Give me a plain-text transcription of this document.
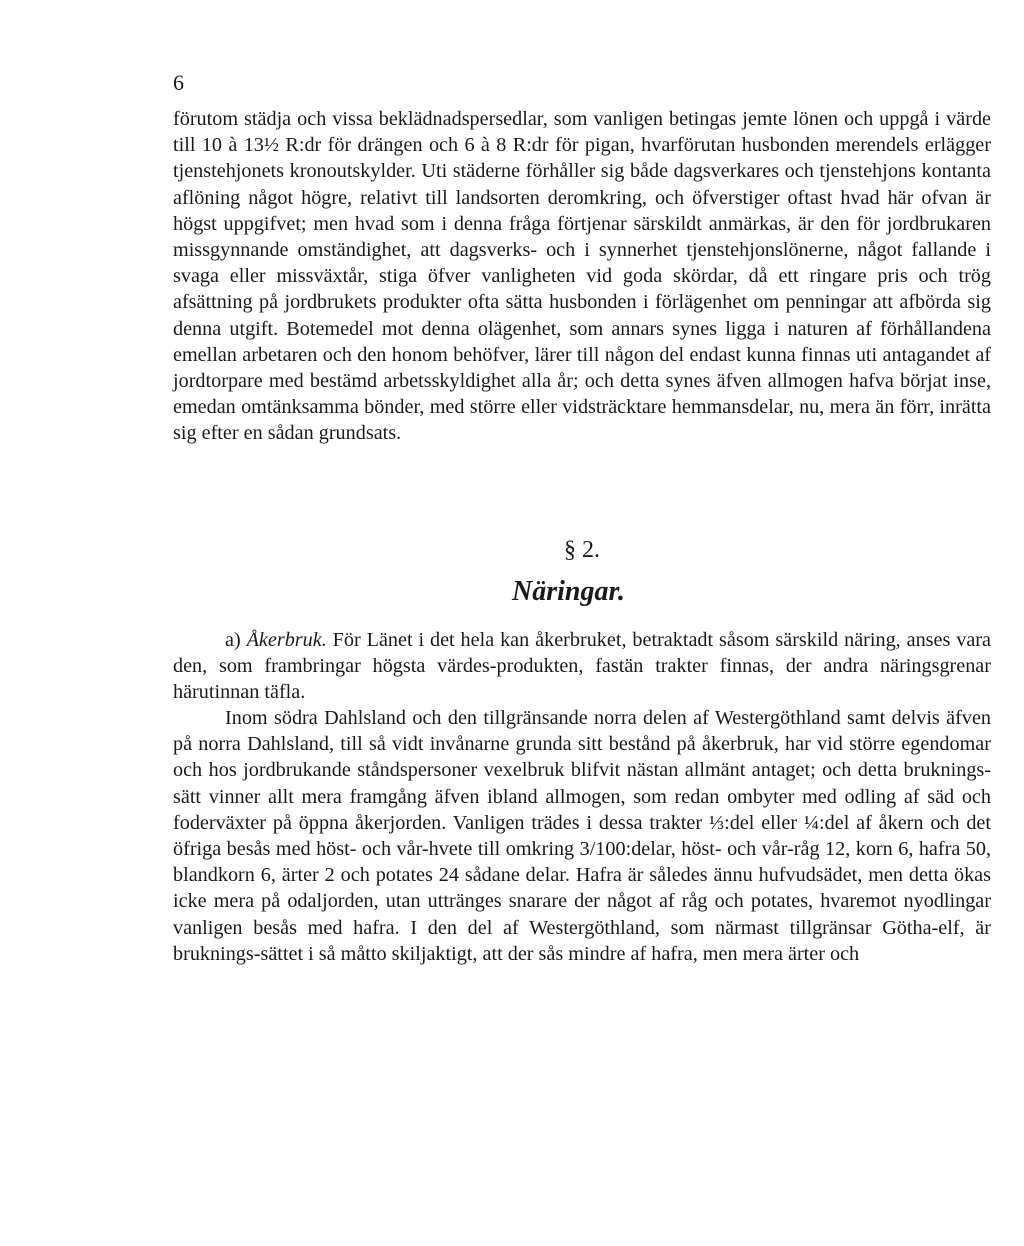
6

förutom städja och vissa beklädnadspersedlar, som vanligen betingas jemte lönen och uppgå i värde till 10 à 13½ R:dr för drängen och 6 à 8 R:dr för pigan, hvarförutan husbonden merendels erlägger tjenstehjonets kronoutskylder. Uti städerne förhåller sig både dagsverkares och tjenstehjons kontanta aflöning något högre, relativt till landsorten deromkring, och öfverstiger oftast hvad här ofvan är högst uppgifvet; men hvad som i denna fråga förtjenar särskildt anmärkas, är den för jordbrukaren missgynnande omständighet, att dagsverks- och i synnerhet tjenstehjonslönerne, något fallande i svaga eller missväxtår, stiga öfver vanligheten vid goda skördar, då ett ringare pris och trög afsättning på jordbrukets produkter ofta sätta husbonden i förlägenhet om penningar att afbörda sig denna utgift. Botemedel mot denna olägenhet, som annars synes ligga i naturen af förhållandena emellan arbetaren och den honom behöfver, lärer till någon del endast kunna finnas uti antagandet af jordtorpare med bestämd arbetsskyldighet alla år; och detta synes äfven allmogen hafva börjat inse, emedan omtänksamma bönder, med större eller vidsträcktare hemmansdelar, nu, mera än förr, inrätta sig efter en sådan grundsats.

§ 2.
Näringar.

a) Åkerbruk. För Länet i det hela kan åkerbruket, betraktadt såsom särskild näring, anses vara den, som frambringar högsta värdes-produkten, fastän trakter finnas, der andra näringsgrenar härutinnan täfla.

Inom södra Dahlsland och den tillgränsande norra delen af Westergöthland samt delvis äfven på norra Dahlsland, till så vidt invånarne grunda sitt bestånd på åkerbruk, har vid större egendomar och hos jordbrukande ståndspersoner vexelbruk blifvit nästan allmänt antaget; och detta bruknings-sätt vinner allt mera framgång äfven ibland allmogen, som redan ombyter med odling af säd och foderväxter på öppna åkerjorden. Vanligen trädes i dessa trakter ⅓:del eller ¼:del af åkern och det öfriga besås med höst- och vår-hvete till omkring 3/100:delar, höst- och vår-råg 12, korn 6, hafra 50, blandkorn 6, ärter 2 och potates 24 sådane delar. Hafra är således ännu hufvudsädet, men detta ökas icke mera på odaljorden, utan uttränges snarare der något af råg och potates, hvaremot nyodlingar vanligen besås med hafra. I den del af Westergöthland, som närmast tillgränsar Götha-elf, är bruknings-sättet i så måtto skiljaktigt, att der sås mindre af hafra, men mera ärter och
